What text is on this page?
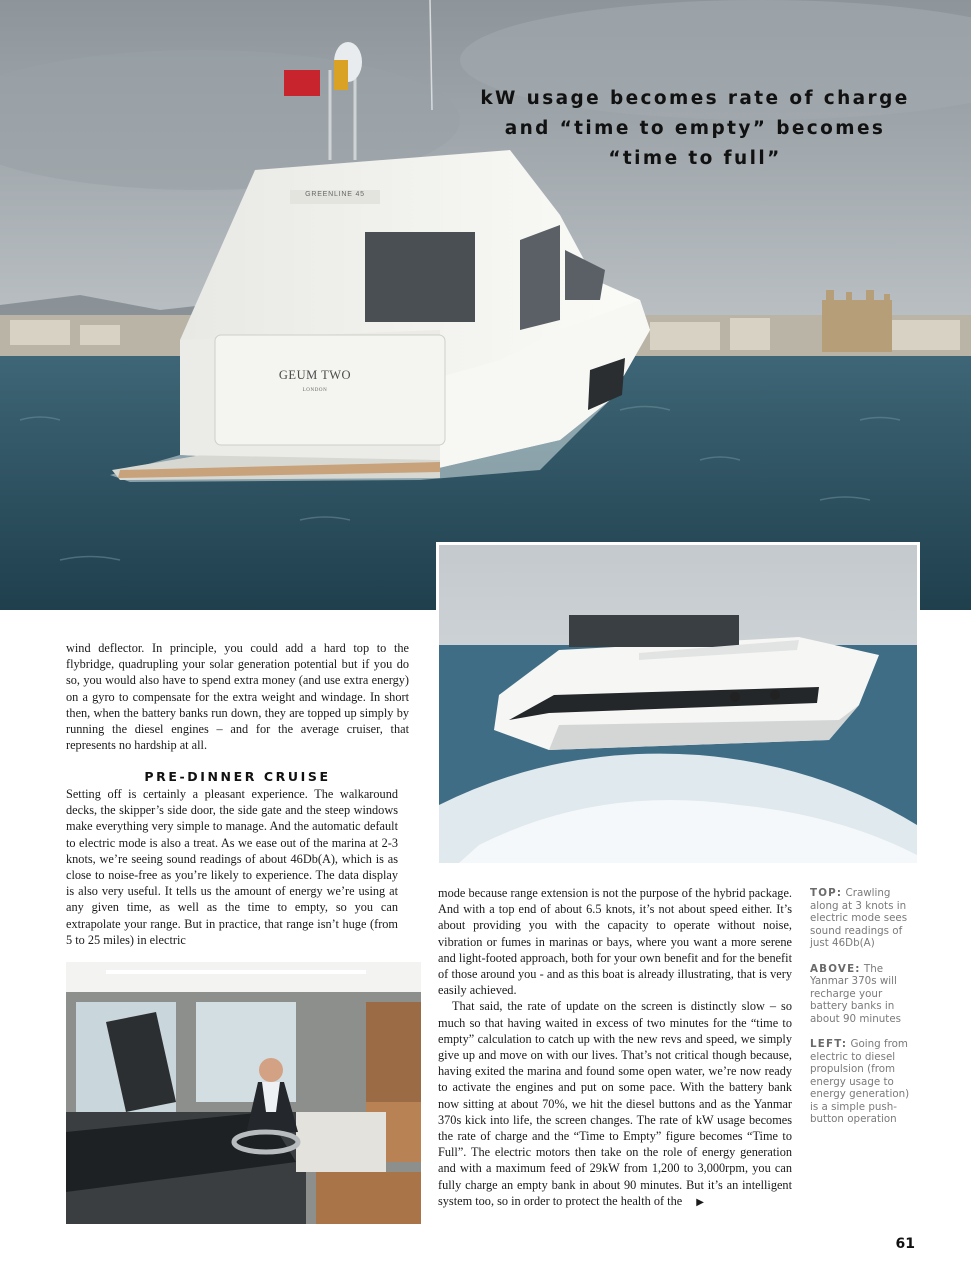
kW usage becomes rate of charge
and “time to empty” becomes
“time to full”
GEUM TWO
LONDON
GREENLINE 45

wind deflector. In principle, you could add a hard top to the flybridge, quadrupling your solar generation potential but if you do so, you would also have to spend extra money (and use extra energy) on a gyro to compensate for the extra weight and windage. In short then, when the battery banks run down, they are topped up simply by running the diesel engines – and for the average cruiser, that represents no hardship at all.

PRE-DINNER CRUISE

Setting off is certainly a pleasant experience. The walkaround decks, the skipper’s side door, the side gate and the steep windows make everything very simple to manage. And the automatic default to electric mode is also a treat. As we ease out of the marina at 2-3 knots, we’re seeing sound readings of about 46Db(A), which is as close to noise-free as you’re likely to experience. The data display is also very useful. It tells us the amount of energy we’re using at any given time, as well as the time to empty, so you can extrapolate your range. But in practice, that range isn’t huge (from 5 to 25 miles) in electric

mode because range extension is not the purpose of the hybrid package. And with a top end of about 6.5 knots, it’s not about speed either. It’s about providing you with the capacity to operate without noise, vibration or fumes in marinas or bays, where you want a more serene and light-footed approach, both for your own benefit and for the benefit of those around you - and as this boat is already illustrating, that is very easily achieved.

That said, the rate of update on the screen is distinctly slow – so much so that having waited in excess of two minutes for the “time to empty” calculation to catch up with the new revs and speed, we simply give up and move on with our lives. That’s not critical though because, having exited the marina and found some open water, we’re now ready to activate the engines and put on some pace. With the battery bank now sitting at about 70%, we hit the diesel buttons and as the Yanmar 370s kick into life, the screen changes. The rate of kW usage becomes the rate of charge and the “Time to Empty” figure becomes “Time to Full”. The electric motors then take on the role of energy generation and with a maximum feed of 29kW from 1,200 to 3,000rpm, you can fully charge an empty bank in about 90 minutes. But it’s an intelligent system too, so in order to protect the health of the ▶

TOP: Crawling along at 3 knots in electric mode sees sound readings of just 46Db(A)
ABOVE: The Yanmar 370s will recharge your battery banks in about 90 minutes
LEFT: Going from electric to diesel propulsion (from energy usage to energy generation) is a simple push-button operation
61
